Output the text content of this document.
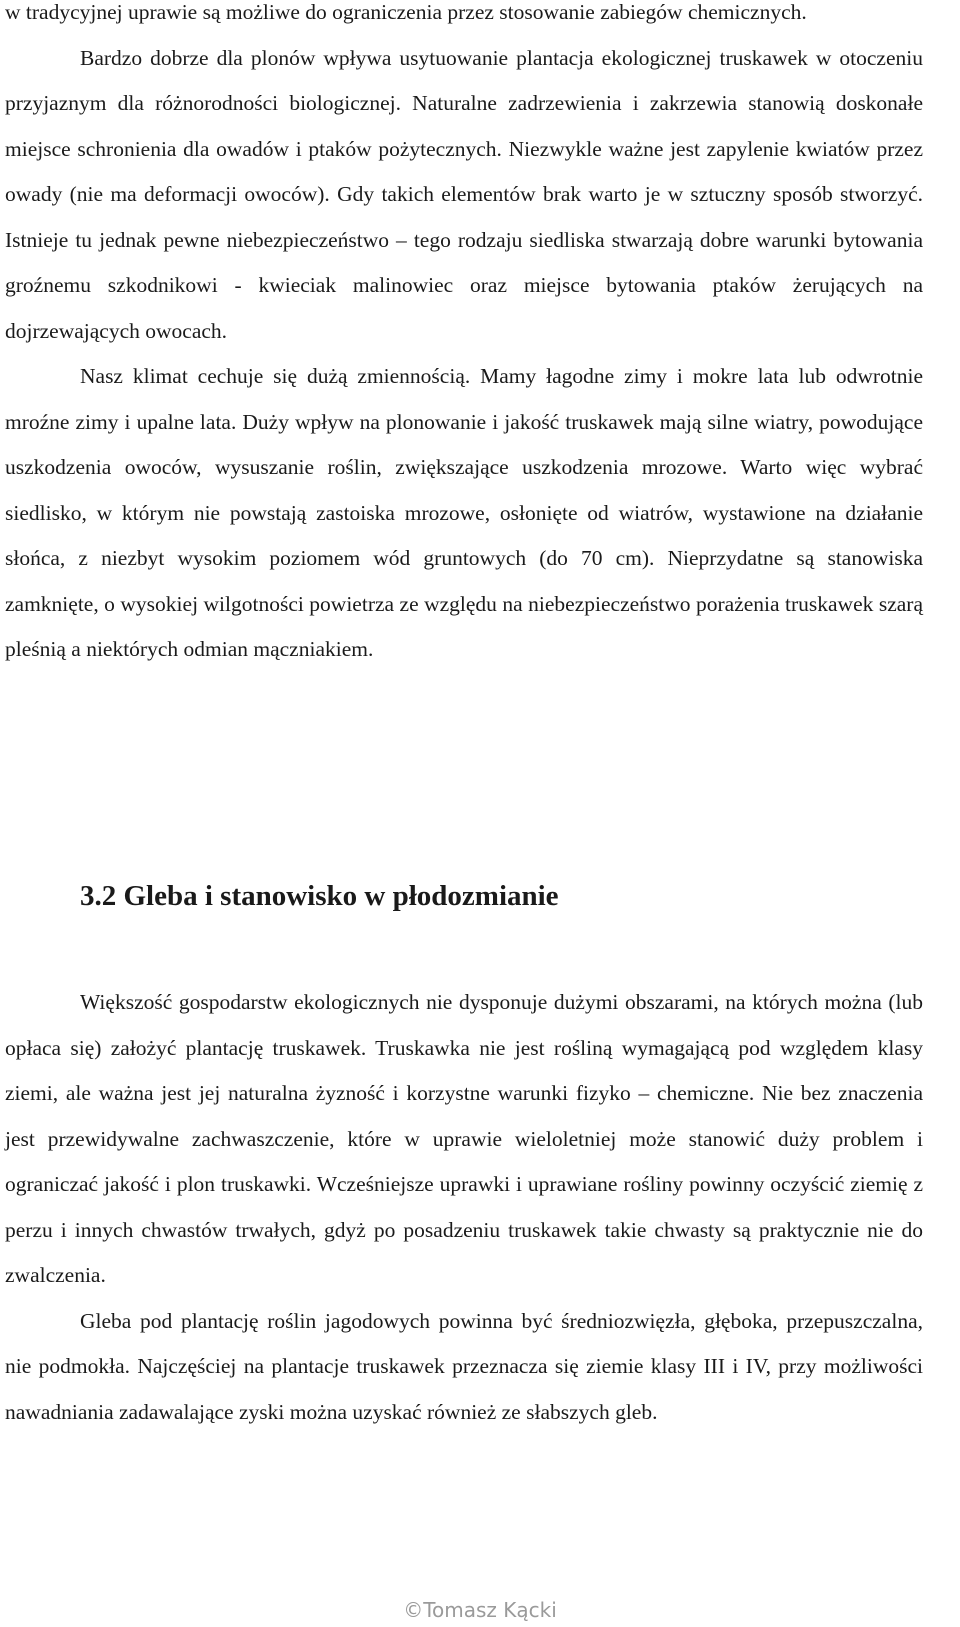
w tradycyjnej uprawie są możliwe do ograniczenia przez stosowanie zabiegów chemicznych.

Bardzo dobrze dla plonów wpływa usytuowanie plantacja ekologicznej truskawek w otoczeniu przyjaznym dla różnorodności biologicznej. Naturalne zadrzewienia i zakrzewia stanowią doskonałe miejsce schronienia dla owadów i ptaków pożytecznych. Niezwykle ważne jest zapylenie kwiatów przez owady (nie ma deformacji owoców). Gdy takich elementów brak warto je w sztuczny sposób stworzyć. Istnieje tu jednak pewne niebezpieczeństwo – tego rodzaju siedliska stwarzają dobre warunki bytowania groźnemu szkodnikowi - kwieciak malinowiec oraz miejsce bytowania ptaków żerujących na dojrzewających owocach.

Nasz klimat cechuje się dużą zmiennością. Mamy łagodne zimy i mokre lata lub odwrotnie mroźne zimy i upalne lata. Duży wpływ na plonowanie i jakość truskawek mają silne wiatry, powodujące uszkodzenia owoców, wysuszanie roślin, zwiększające uszkodzenia mrozowe. Warto więc wybrać siedlisko, w którym nie powstają zastoiska mrozowe, osłonięte od wiatrów, wystawione na działanie słońca, z niezbyt wysokim poziomem wód gruntowych (do 70 cm). Nieprzydatne są stanowiska zamknięte, o wysokiej wilgotności powietrza ze względu na niebezpieczeństwo porażenia truskawek szarą pleśnią a niektórych odmian mączniakiem.

3.2 Gleba i stanowisko w płodozmianie

Większość gospodarstw ekologicznych nie dysponuje dużymi obszarami, na których można (lub opłaca się) założyć plantację truskawek. Truskawka nie jest rośliną wymagającą pod względem klasy ziemi, ale ważna jest jej naturalna żyzność i korzystne warunki fizyko – chemiczne. Nie bez znaczenia jest przewidywalne zachwaszczenie, które w uprawie wieloletniej może stanowić duży problem i ograniczać jakość i plon truskawki. Wcześniejsze uprawki i uprawiane rośliny powinny oczyścić ziemię z perzu i innych chwastów trwałych, gdyż po posadzeniu truskawek takie chwasty są praktycznie nie do zwalczenia.

Gleba pod plantację roślin jagodowych powinna być średniozwięzła, głęboka, przepuszczalna, nie podmokła. Najczęściej na plantacje truskawek przeznacza się ziemie klasy III i IV, przy możliwości nawadniania zadawalające zyski można uzyskać również ze słabszych gleb.

©Tomasz Kącki
